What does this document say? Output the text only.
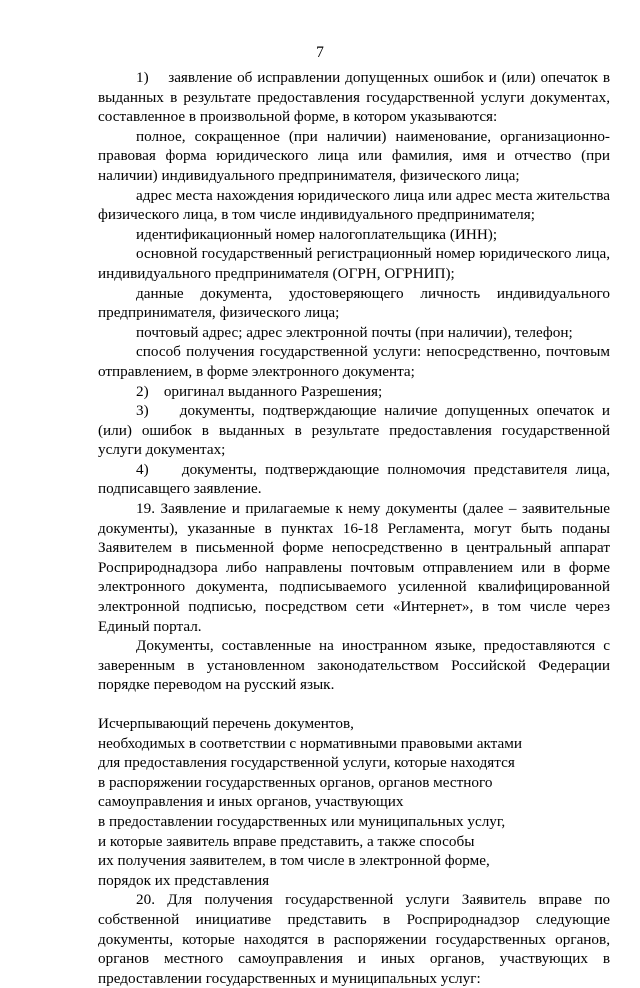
7

1)    заявление об исправлении допущенных ошибок и (или) опечаток в выданных в результате предоставления государственной услуги документах, составленное в произвольной форме, в котором указываются:

полное, сокращенное (при наличии) наименование, организационно-правовая форма юридического лица или фамилия, имя и отчество (при наличии) индивидуального предпринимателя, физического лица;

адрес места нахождения юридического лица или адрес места жительства физического лица, в том числе индивидуального предпринимателя;

идентификационный номер налогоплательщика (ИНН);

основной государственный регистрационный номер юридического лица, индивидуального предпринимателя (ОГРН, ОГРНИП);

данные документа, удостоверяющего личность индивидуального предпринимателя, физического лица;

почтовый адрес; адрес электронной почты (при наличии), телефон;

способ получения государственной услуги: непосредственно, почтовым отправлением, в форме электронного документа;

2)    оригинал выданного Разрешения;

3)    документы, подтверждающие наличие допущенных опечаток и (или) ошибок в выданных в результате предоставления государственной услуги документах;

4)    документы, подтверждающие полномочия представителя лица, подписавщего заявление.

19. Заявление и прилагаемые к нему документы (далее – заявительные документы), указанные в пунктах 16-18 Регламента, могут быть поданы Заявителем в письменной форме непосредственно в центральный аппарат Росприроднадзора либо направлены почтовым отправлением или в форме электронного документа, подписываемого усиленной квалифицированной электронной подписью, посредством сети «Интернет», в том числе через Единый портал.

Документы, составленные на иностранном языке, предоставляются с заверенным в установленном законодательством Российской Федерации порядке переводом на русский язык.

Исчерпывающий перечень документов,
необходимых в соответствии с нормативными правовыми актами
для предоставления государственной услуги, которые находятся
в распоряжении государственных органов, органов местного
самоуправления и иных органов, участвующих
в предоставлении государственных или муниципальных услуг,
и которые заявитель вправе представить, а также способы
их получения заявителем, в том числе в электронной форме,
порядок их представления

20. Для получения государственной услуги Заявитель вправе по собственной инициативе представить в Росприроднадзор следующие документы, которые находятся в распоряжении государственных органов, органов местного самоуправления и иных органов, участвующих в предоставлении государственных и муниципальных услуг:
